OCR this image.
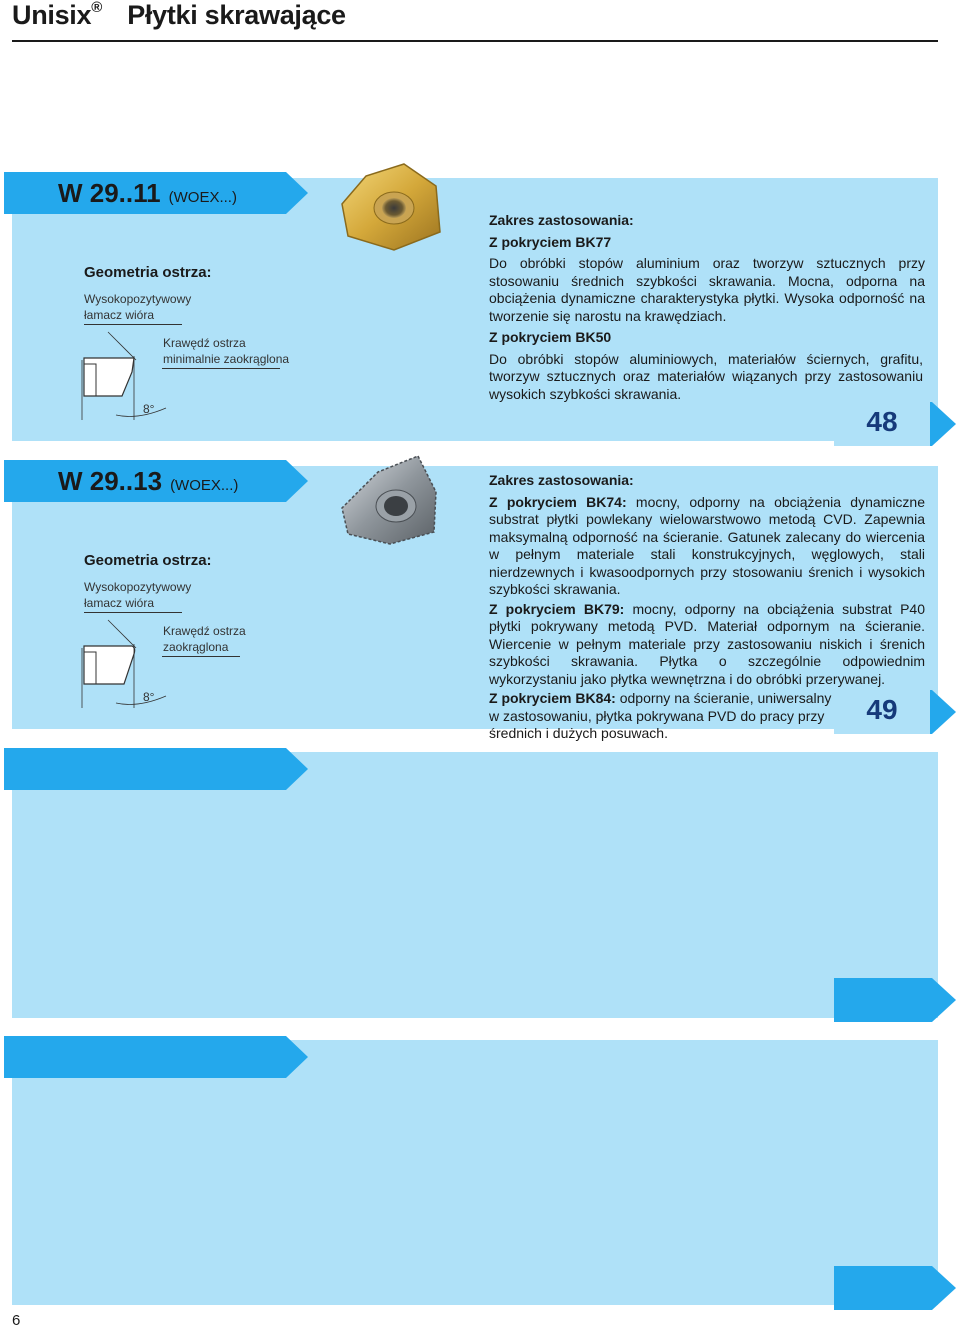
Unisix® Płytki skrawające
W 29..11 (WOEX...)
Geometria ostrza:
Wysokopozytywowy
łamacz wióra
Krawędź ostrza
minimalnie zaokrąglona
8°
Zakres zastosowania:
Z pokryciem BK77

Do obróbki stopów aluminium oraz tworzyw sztucznych przy stosowaniu średnich szybkości skrawania. Mocna, odporna na obciążenia dynamiczne charakterystyka płytki. Wysoka odporność na tworzenie się narostu na krawędziach.

Z pokryciem BK50

Do obróbki stopów aluminiowych, materiałów ściernych, grafitu, tworzyw sztucznych oraz materiałów wiązanych przy zastosowaniu wysokich szybkości skrawania.

48
W 29..13 (WOEX...)
Geometria ostrza:
Wysokopozytywowy
łamacz wióra
Krawędź ostrza
zaokrąglona
8°
Zakres zastosowania:

Z pokryciem BK74: mocny, odporny na obciążenia dynamiczne substrat płytki powlekany wielowarstwowo metodą CVD. Zapewnia maksymalną odporność na ścieranie. Gatunek zalecany do wiercenia w pełnym materiale stali konstrukcyjnych, węglowych, stali nierdzewnych i kwasoodpornych przy stosowaniu śrenich i wysokich szybkości skrawania.

Z pokryciem BK79: mocny, odporny na obciążenia substrat P40 płytki pokrywany metodą PVD. Materiał odpornym na ścieranie. Wiercenie w pełnym materiale przy zastosowaniu niskich i śrenich szybkości skrawania. Płytka o szczególnie odpowiednim wykorzystaniu jako płytka wewnętrzna i do obróbki przerywanej.

Z pokryciem BK84: odporny na ścieranie, uniwersalny
w zastosowaniu, płytka pokrywana PVD do pracy przy
średnich i dużych posuwach.
49
6
